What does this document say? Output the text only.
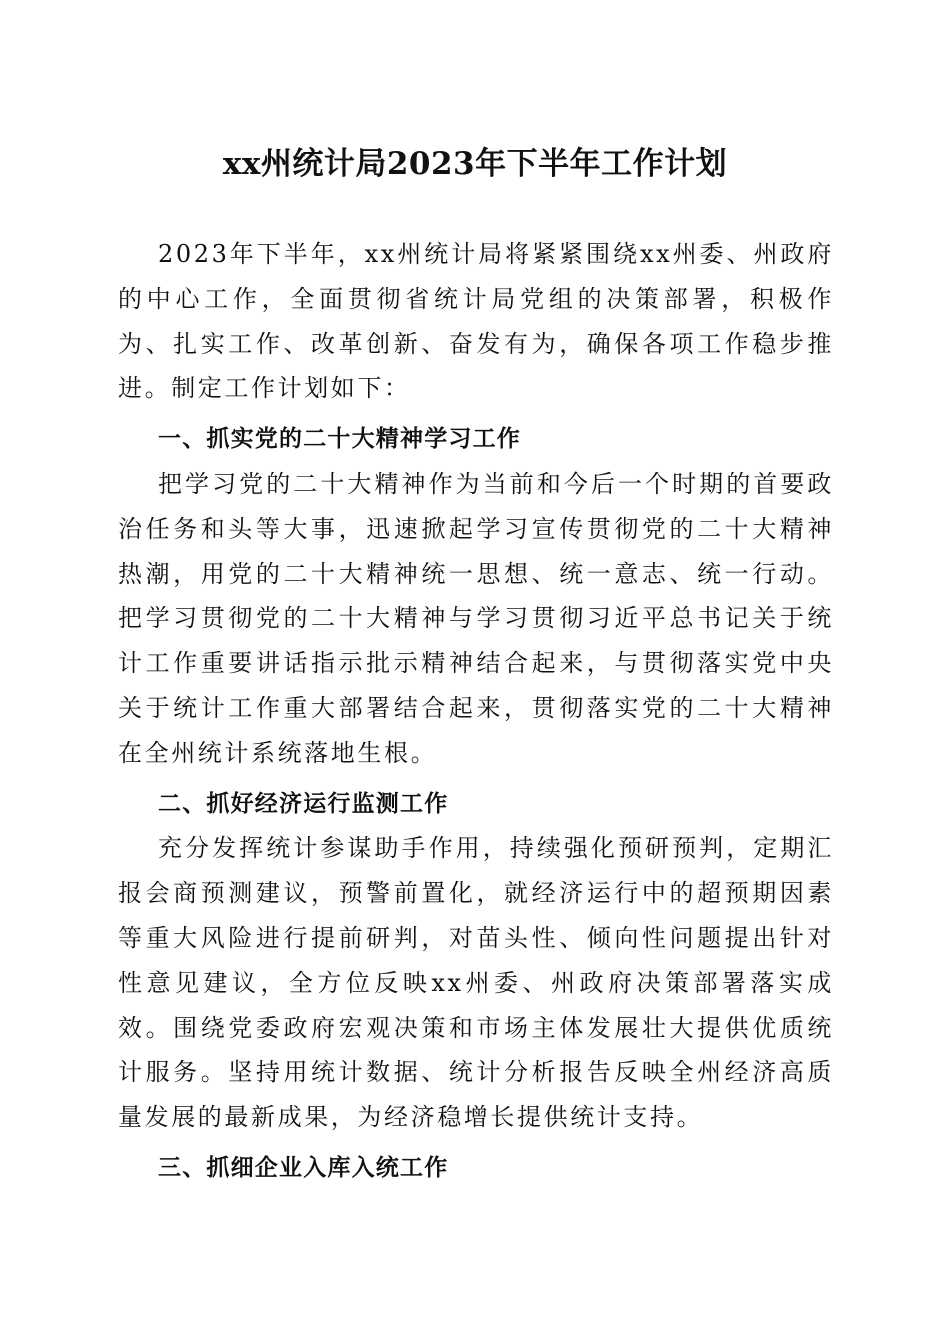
xx州统计局2023年下半年工作计划

2023年下半年，xx州统计局将紧紧围绕xx州委、州政府的中心工作，全面贯彻省统计局党组的决策部署，积极作为、扎实工作、改革创新、奋发有为，确保各项工作稳步推进。制定工作计划如下：

一、抓实党的二十大精神学习工作

把学习党的二十大精神作为当前和今后一个时期的首要政治任务和头等大事，迅速掀起学习宣传贯彻党的二十大精神热潮，用党的二十大精神统一思想、统一意志、统一行动。把学习贯彻党的二十大精神与学习贯彻习近平总书记关于统计工作重要讲话指示批示精神结合起来，与贯彻落实党中央关于统计工作重大部署结合起来，贯彻落实党的二十大精神在全州统计系统落地生根。

二、抓好经济运行监测工作

充分发挥统计参谋助手作用，持续强化预研预判，定期汇报会商预测建议，预警前置化，就经济运行中的超预期因素等重大风险进行提前研判，对苗头性、倾向性问题提出针对性意见建议，全方位反映xx州委、州政府决策部署落实成效。围绕党委政府宏观决策和市场主体发展壮大提供优质统计服务。坚持用统计数据、统计分析报告反映全州经济高质量发展的最新成果，为经济稳增长提供统计支持。

三、抓细企业入库入统工作
